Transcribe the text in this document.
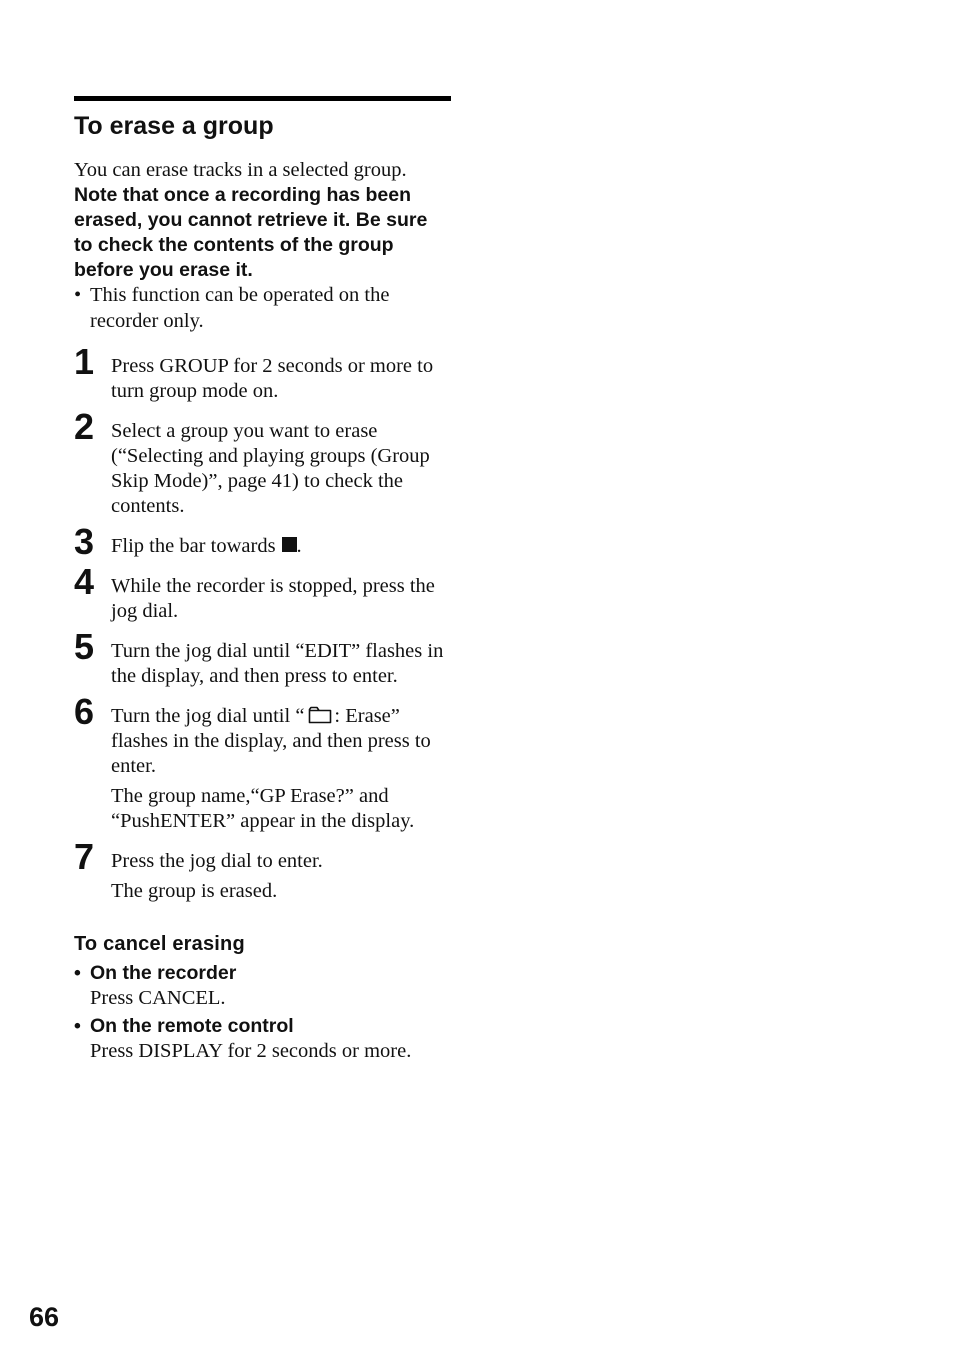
To erase a group
You can erase tracks in a selected group.
Note that once a recording has been erased, you cannot retrieve it. Be sure to check the contents of the group before you erase it.
• This function can be operated on the recorder only.
1 Press GROUP for 2 seconds or more to turn group mode on.
2 Select a group you want to erase (“Selecting and playing groups (Group Skip Mode)”, page 41) to check the contents.
3 Flip the bar towards .
4 While the recorder is stopped, press the jog dial.
5 Turn the jog dial until “EDIT” flashes in the display, and then press to enter.
6 Turn the jog dial until “ : Erase” flashes in the display, and then press to enter.
The group name,“GP Erase?” and “PushENTER” appear in the display.
7 Press the jog dial to enter.
The group is erased.
To cancel erasing
• On the recorder
Press CANCEL.
• On the remote control
Press DISPLAY for 2 seconds or more.
66
